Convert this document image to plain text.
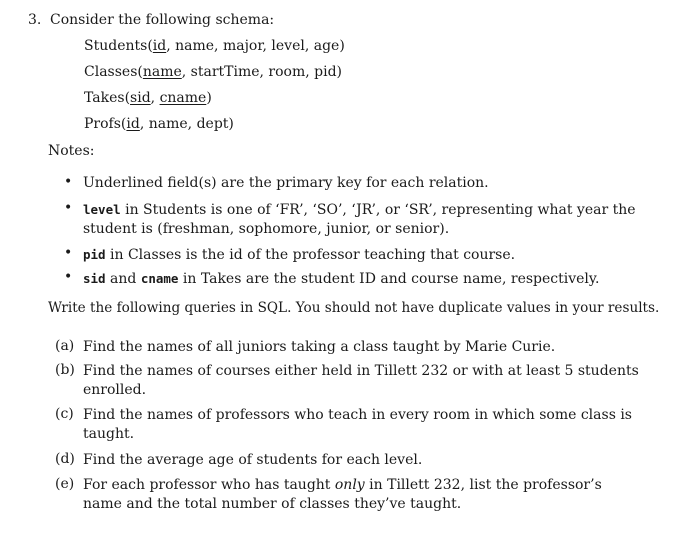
3. Consider the following schema:
Students(id, name, major, level, age)
Classes(name, startTime, room, pid)
Takes(sid, cname)
Profs(id, name, dept)
Notes:
• Underlined field(s) are the primary key for each relation.
• level in Students is one of ‘FR’, ‘SO’, ‘JR’, or ‘SR’, representing what year the student is (freshman, sophomore, junior, or senior).
• pid in Classes is the id of the professor teaching that course.
• sid and cname in Takes are the student ID and course name, respectively.
Write the following queries in SQL. You should not have duplicate values in your results.
(a) Find the names of all juniors taking a class taught by Marie Curie.
(b) Find the names of courses either held in Tillett 232 or with at least 5 students enrolled.
(c) Find the names of professors who teach in every room in which some class is taught.
(d) Find the average age of students for each level.
(e) For each professor who has taught only in Tillett 232, list the professor’s name and the total number of classes they’ve taught.
